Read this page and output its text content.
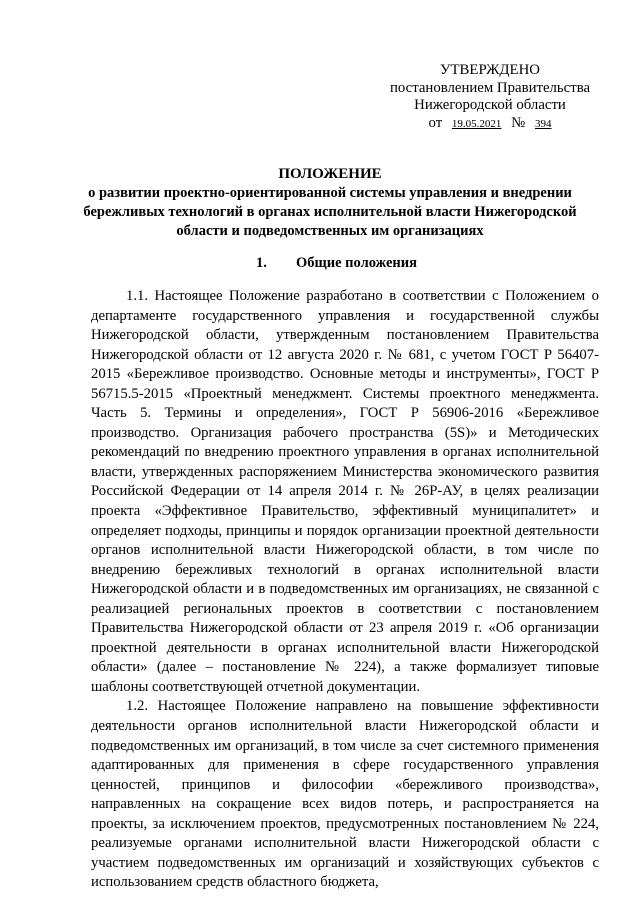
УТВЕРЖДЕНО
постановлением Правительства
Нижегородской области
от 19.05.2021 № 394
ПОЛОЖЕНИЕ
о развитии проектно-ориентированной системы управления и внедрении бережливых технологий в органах исполнительной власти Нижегородской области и подведомственных им организациях
1. Общие положения

1.1. Настоящее Положение разработано в соответствии с Положением о департаменте государственного управления и государственной службы Нижегородской области, утвержденным постановлением Правительства Нижегородской области от 12 августа 2020 г. № 681, с учетом ГОСТ Р 56407-2015 «Бережливое производство. Основные методы и инструменты», ГОСТ Р 56715.5-2015 «Проектный менеджмент. Системы проектного менеджмента. Часть 5. Термины и определения», ГОСТ Р 56906-2016 «Бережливое производство. Организация рабочего пространства (5S)» и Методических рекомендаций по внедрению проектного управления в органах исполнительной власти, утвержденных распоряжением Министерства экономического развития Российской Федерации от 14 апреля 2014 г. № 26Р-АУ, в целях реализации проекта «Эффективное Правительство, эффективный муниципалитет» и определяет подходы, принципы и порядок организации проектной деятельности органов исполнительной власти Нижегородской области, в том числе по внедрению бережливых технологий в органах исполнительной власти Нижегородской области и в подведомственных им организациях, не связанной с реализацией региональных проектов в соответствии с постановлением Правительства Нижегородской области от 23 апреля 2019 г. «Об организации проектной деятельности в органах исполнительной власти Нижегородской области» (далее – постановление № 224), а также формализует типовые шаблоны соответствующей отчетной документации.

1.2. Настоящее Положение направлено на повышение эффективности деятельности органов исполнительной власти Нижегородской области и подведомственных им организаций, в том числе за счет системного применения адаптированных для применения в сфере государственного управления ценностей, принципов и философии «бережливого производства», направленных на сокращение всех видов потерь, и распространяется на проекты, за исключением проектов, предусмотренных постановлением № 224, реализуемые органами исполнительной власти Нижегородской области с участием подведомственных им организаций и хозяйствующих субъектов с использованием средств областного бюджета,
